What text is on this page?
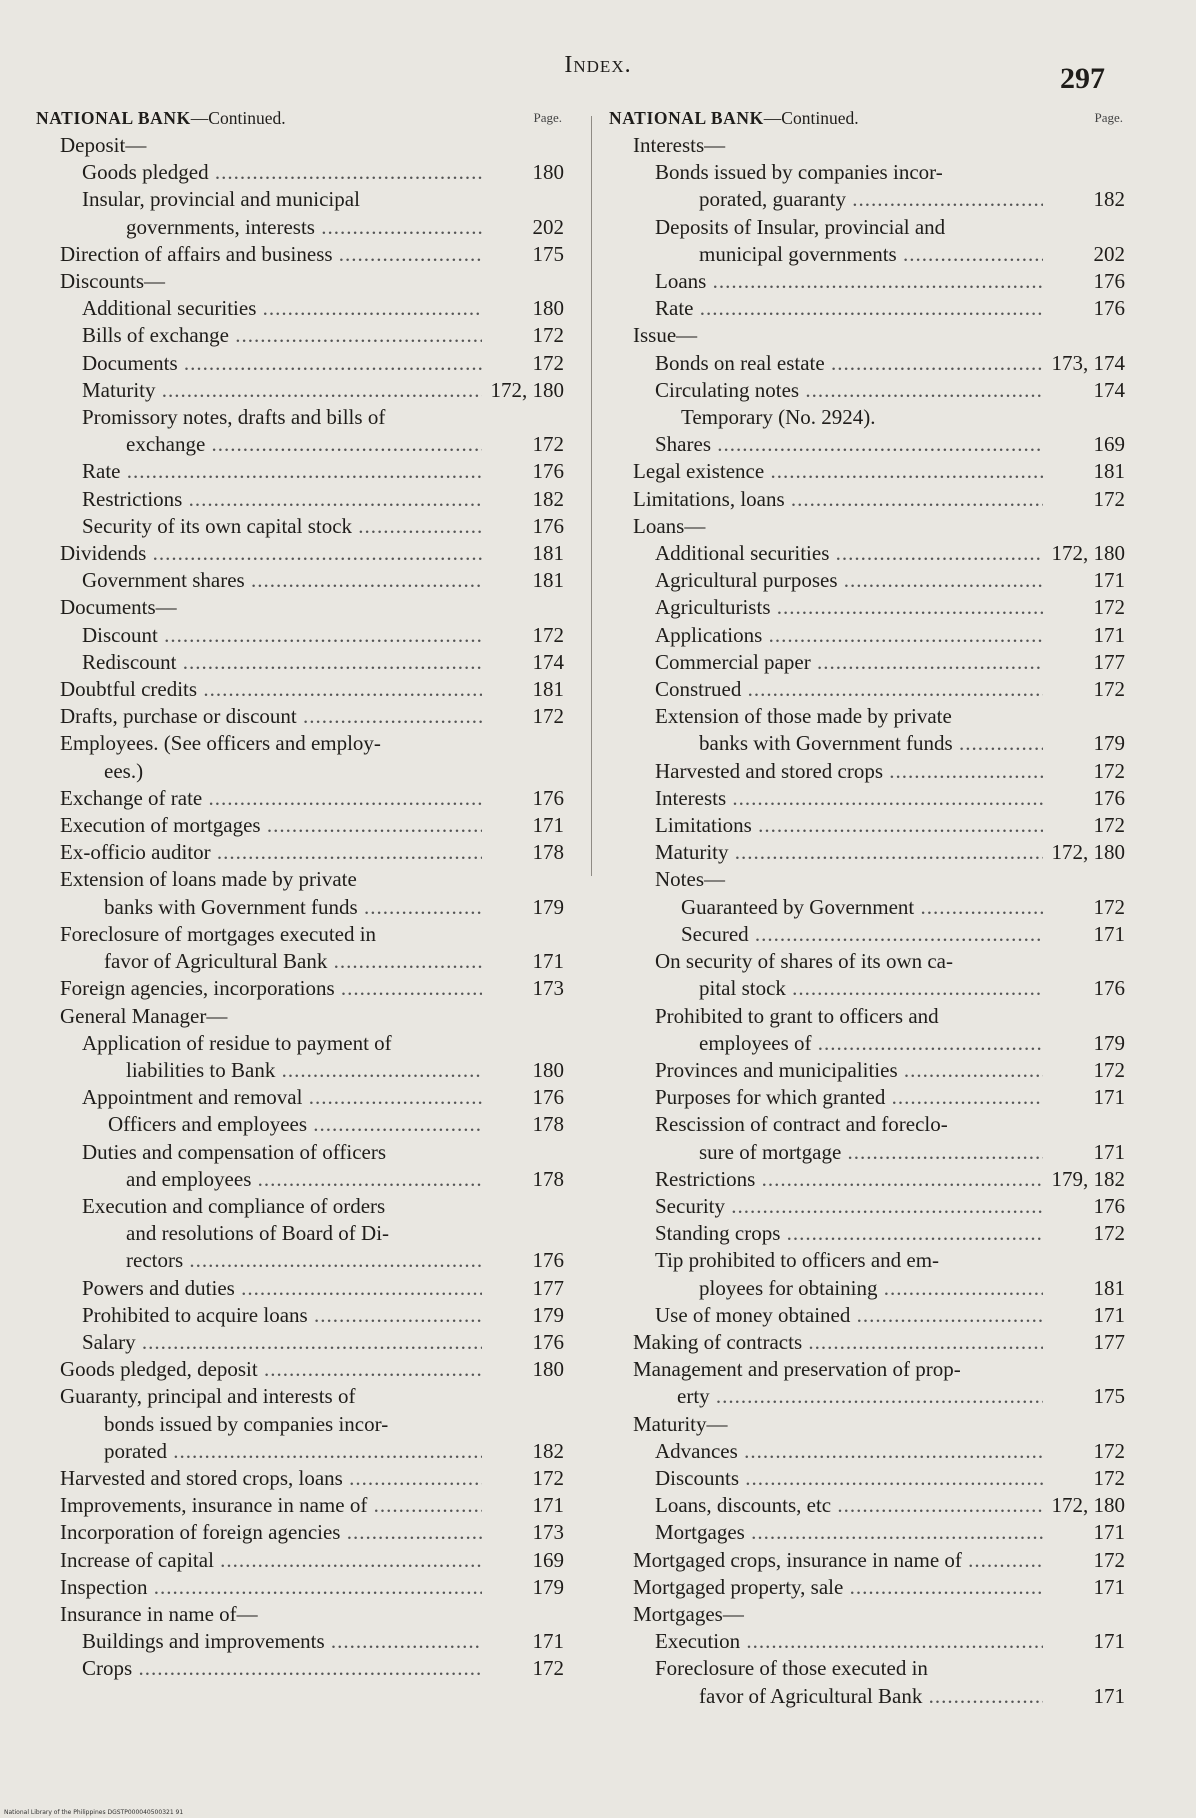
Index.	297
NATIONAL BANK—Continued.	Page.
Deposit—
Goods pledged .....	180
Insular, provincial and municipal
governments, interests .....	202
Direction of affairs and business .....	175
Discounts—
Additional securities .....	180
Bills of exchange .....	172
Documents .....	172
Maturity .....	172, 180
Promissory notes, drafts and bills of
exchange .....	172
Rate .....	176
Restrictions .....	182
Security of its own capital stock .....	176
Dividends .....	181
Government shares .....	181
Documents—
Discount .....	172
Rediscount .....	174
Doubtful credits .....	181
Drafts, purchase or discount .....	172
Employees. (See officers and employ-
ees.)
Exchange of rate .....	176
Execution of mortgages .....	171
Ex-officio auditor .....	178
Extension of loans made by private
banks with Government funds .....	179
Foreclosure of mortgages executed in
favor of Agricultural Bank .....	171
Foreign agencies, incorporations .....	173
General Manager—
Application of residue to payment of
liabilities to Bank .....	180
Appointment and removal .....	176
Officers and employees .....	178
Duties and compensation of officers
and employees .....	178
Execution and compliance of orders
and resolutions of Board of Di-
rectors .....	176
Powers and duties .....	177
Prohibited to acquire loans .....	179
Salary .....	176
Goods pledged, deposit .....	180
Guaranty, principal and interests of
bonds issued by companies incor-
porated .....	182
Harvested and stored crops, loans .....	172
Improvements, insurance in name of .....	171
Incorporation of foreign agencies .....	173
Increase of capital .....	169
Inspection .....	179
Insurance in name of—
Buildings and improvements .....	171
Crops .....	172
NATIONAL BANK—Continued.	Page.
Interests—
Bonds issued by companies incor-
porated, guaranty .....	182
Deposits of Insular, provincial and
municipal governments .....	202
Loans .....	176
Rate .....	176
Issue—
Bonds on real estate .....	173, 174
Circulating notes .....	174
Temporary (No. 2924).
Shares .....	169
Legal existence .....	181
Limitations, loans .....	172
Loans—
Additional securities .....	172, 180
Agricultural purposes .....	171
Agriculturists .....	172
Applications .....	171
Commercial paper .....	177
Construed .....	172
Extension of those made by private
banks with Government funds .....	179
Harvested and stored crops .....	172
Interests .....	176
Limitations .....	172
Maturity .....	172, 180
Notes—
Guaranteed by Government .....	172
Secured .....	171
On security of shares of its own ca-
pital stock .....	176
Prohibited to grant to officers and
employees of .....	179
Provinces and municipalities .....	172
Purposes for which granted .....	171
Rescission of contract and foreclo-
sure of mortgage .....	171
Restrictions .....	179, 182
Security .....	176
Standing crops .....	172
Tip prohibited to officers and em-
ployees for obtaining .....	181
Use of money obtained .....	171
Making of contracts .....	177
Management and preservation of prop-
erty .....	175
Maturity—
Advances .....	172
Discounts .....	172
Loans, discounts, etc .....	172, 180
Mortgages .....	171
Mortgaged crops, insurance in name of .....	172
Mortgaged property, sale .....	171
Mortgages—
Execution .....	171
Foreclosure of those executed in
favor of Agricultural Bank .....	171
National Library of the Philippines DGSTP000040500321 91
